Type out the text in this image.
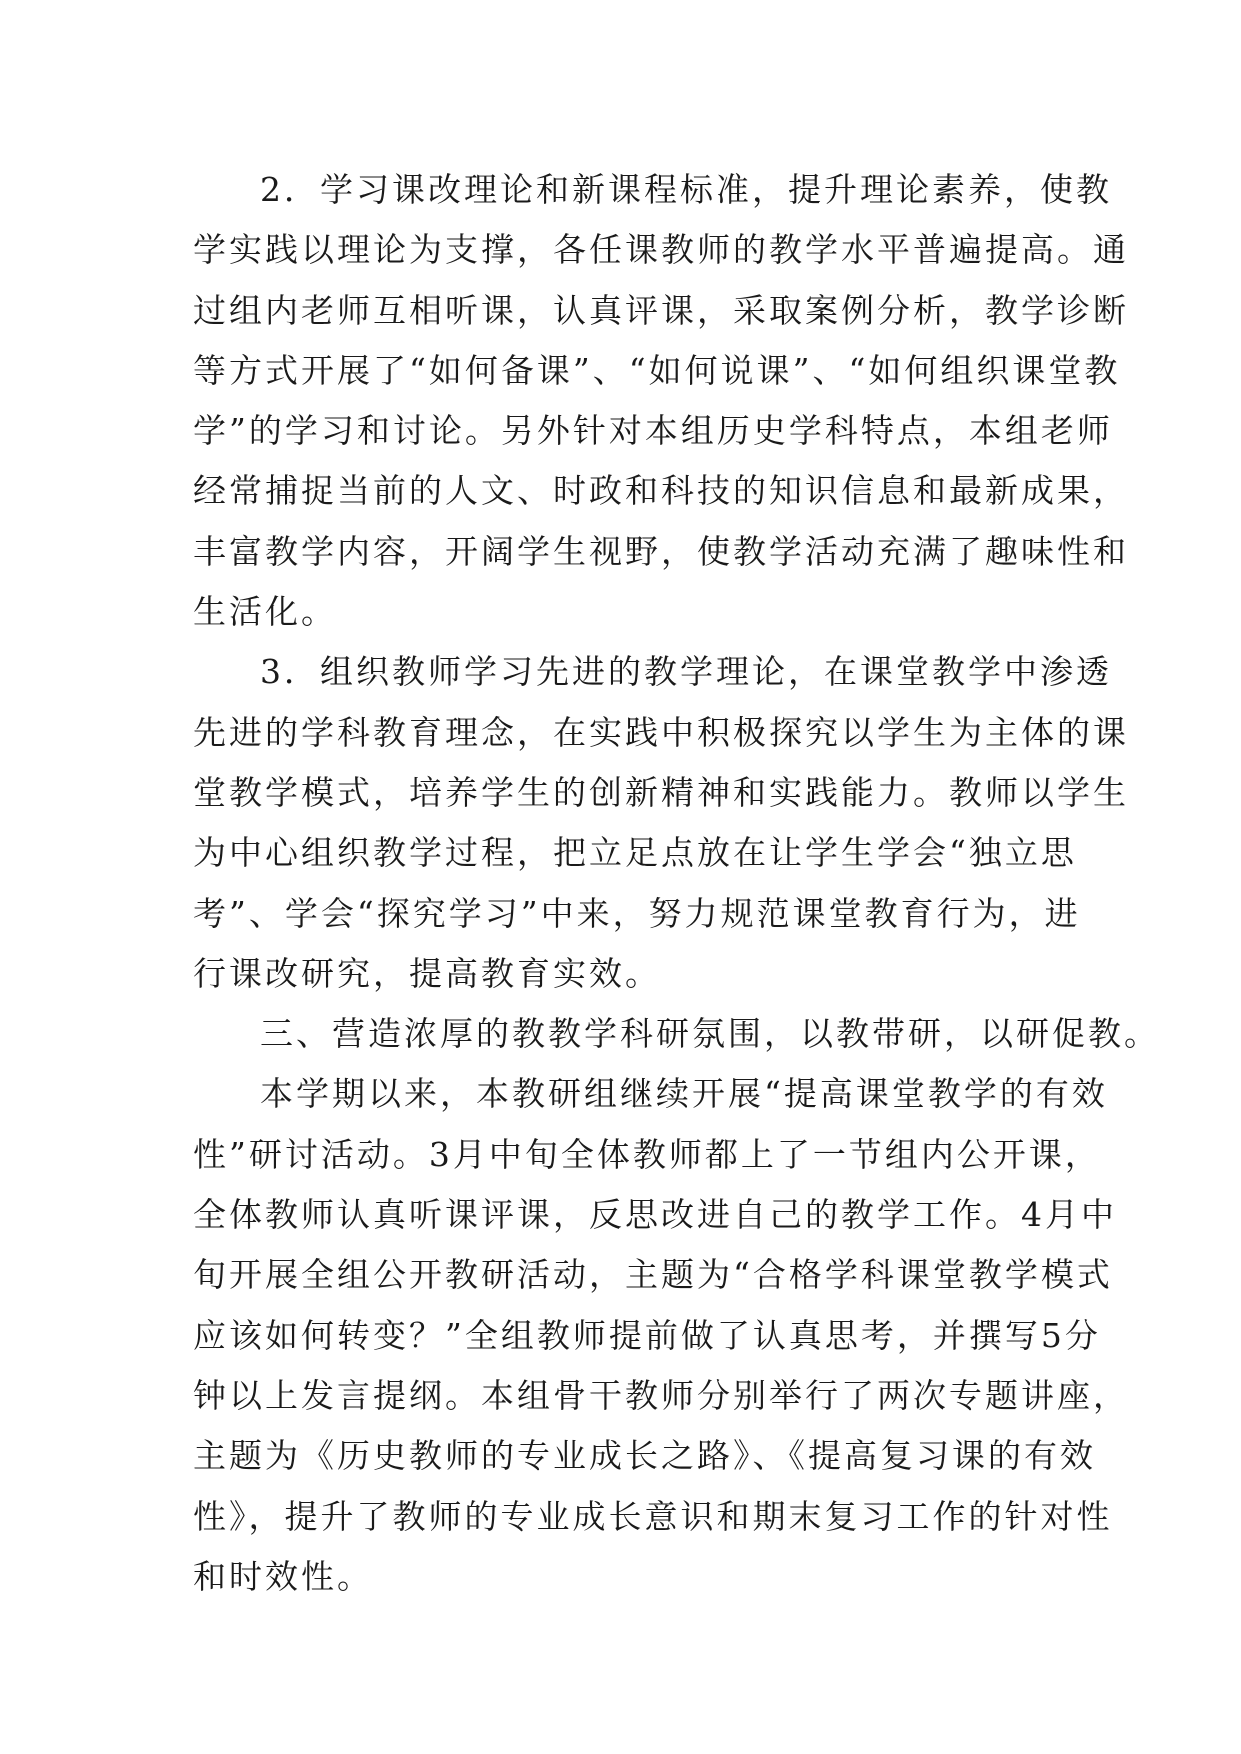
2．学习课改理论和新课程标准，提升理论素养，使教
学实践以理论为支撑，各任课教师的教学水平普遍提高。通
过组内老师互相听课，认真评课，采取案例分析，教学诊断
等方式开展了“如何备课”、“如何说课”、“如何组织课堂教
学”的学习和讨论。另外针对本组历史学科特点，本组老师
经常捕捉当前的人文、时政和科技的知识信息和最新成果，
丰富教学内容，开阔学生视野，使教学活动充满了趣味性和
生活化。
3．组织教师学习先进的教学理论，在课堂教学中渗透
先进的学科教育理念，在实践中积极探究以学生为主体的课
堂教学模式，培养学生的创新精神和实践能力。教师以学生
为中心组织教学过程，把立足点放在让学生学会“独立思
考”、学会“探究学习”中来，努力规范课堂教育行为，进
行课改研究，提高教育实效。
三、营造浓厚的教教学科研氛围，以教带研，以研促教。
本学期以来，本教研组继续开展“提高课堂教学的有效
性”研讨活动。3月中旬全体教师都上了一节组内公开课，
全体教师认真听课评课，反思改进自己的教学工作。4月中
旬开展全组公开教研活动，主题为“合格学科课堂教学模式
应该如何转变？”全组教师提前做了认真思考，并撰写5分
钟以上发言提纲。本组骨干教师分别举行了两次专题讲座，
主题为《历史教师的专业成长之路》、《提高复习课的有效
性》，提升了教师的专业成长意识和期末复习工作的针对性
和时效性。
